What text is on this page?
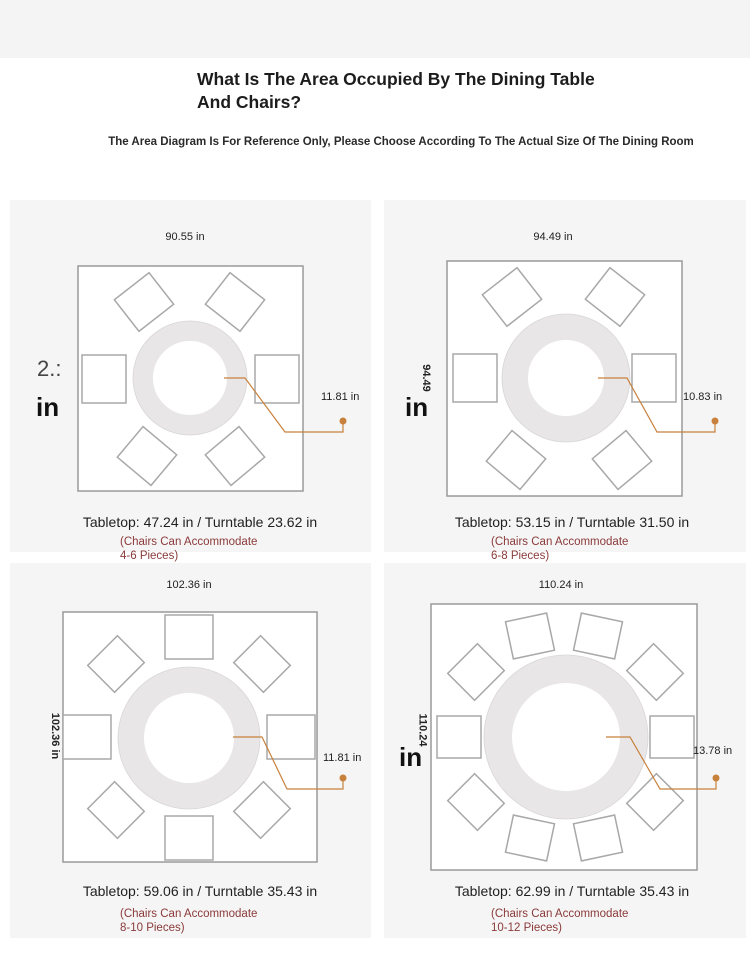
What Is The Area Occupied By The Dining Table And Chairs?
The Area Diagram Is For Reference Only, Please Choose According To The Actual Size Of The Dining Room
90.55 in
2.:
in	11.81 in
Tabletop: 47.24 in / Turntable 23.62 in
(Chairs Can Accommodate
4-6 Pieces)
94.49 in
94.49
in	10.83 in
Tabletop: 53.15 in / Turntable 31.50 in
(Chairs Can Accommodate
6-8 Pieces)
102.36 in
102.36 in	11.81 in
Tabletop: 59.06 in / Turntable 35.43 in
(Chairs Can Accommodate
8-10 Pieces)
110.24 in
110.24
in	13.78 in
Tabletop: 62.99 in / Turntable 35.43 in
(Chairs Can Accommodate
10-12 Pieces)
